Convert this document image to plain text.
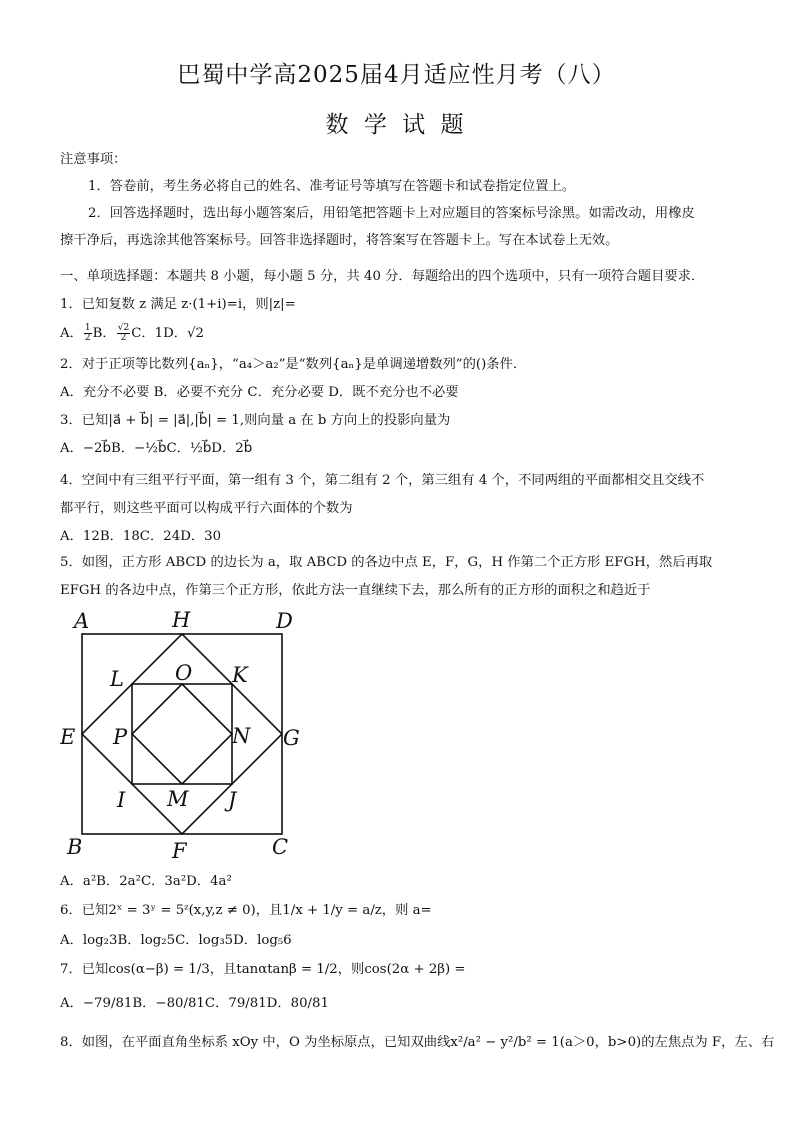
巴蜀中学高2025届4月适应性月考（八）
数 学 试 题
注意事项：
1．答卷前，考生务必将自己的姓名、准考证号等填写在答题卡和试卷指定位置上。
2．回答选择题时，选出每小题答案后，用铅笔把答题卡上对应题目的答案标号涂黑。如需改动，用橡皮
擦干净后，再选涂其他答案标号。回答非选择题时，将答案写在答题卡上。写在本试卷上无效。
一、单项选择题：本题共 8 小题，每小题 5 分，共 40 分．每题给出的四个选项中，只有一项符合题目要求．
1．已知复数 z 满足 z·(1+i)=i，则|z|=
A． $\frac{1}{2}$ B． $\frac{√2}{2}$ C．1D．√2
2．对于正项等比数列{aₙ}，“a₄＞a₂”是“数列{aₙ}是单调递增数列”的()条件．
A．充分不必要 B．必要不充分 C．充分必要 D．既不充分也不必要
3．已知|a⃗ + b⃗| = |a⃗|,|b⃗| = 1,则向量 a 在 b 方向上的投影向量为
A．−2b⃗B．−½b⃗C．½b⃗D．2b⃗
4．空间中有三组平行平面，第一组有 3 个，第二组有 2 个，第三组有 4 个，不同两组的平面都相交且交线不
都平行，则这些平面可以构成平行六面体的个数为
A．12B．18C．24D．30
5．如图，正方形 ABCD 的边长为 a，取 ABCD 的各边中点 E，F，G，H 作第二个正方形 EFGH，然后再取
EFGH 的各边中点，作第三个正方形，依此方法一直继续下去，那么所有的正方形的面积之和趋近于
A	H	D
L O K
E P	N G
I M J
B	F	C
A．a²B．2a²C．3a²D．4a²
6．已知2ˣ = 3ʸ = 5ᶻ(x,y,z ≠ 0)，且1/x + 1/y = a/z，则 a=
A．log₂3B．log₂5C．log₃5D．log₅6
7．已知cos(α−β) = 1/3，且tanαtanβ = 1/2，则cos(2α + 2β) =
A．−79/81B．−80/81C．79/81D．80/81
8．如图，在平面直角坐标系 xOy 中，O 为坐标原点，已知双曲线x²/a² − y²/b² = 1(a＞0，b>0)的左焦点为 F，左、右
